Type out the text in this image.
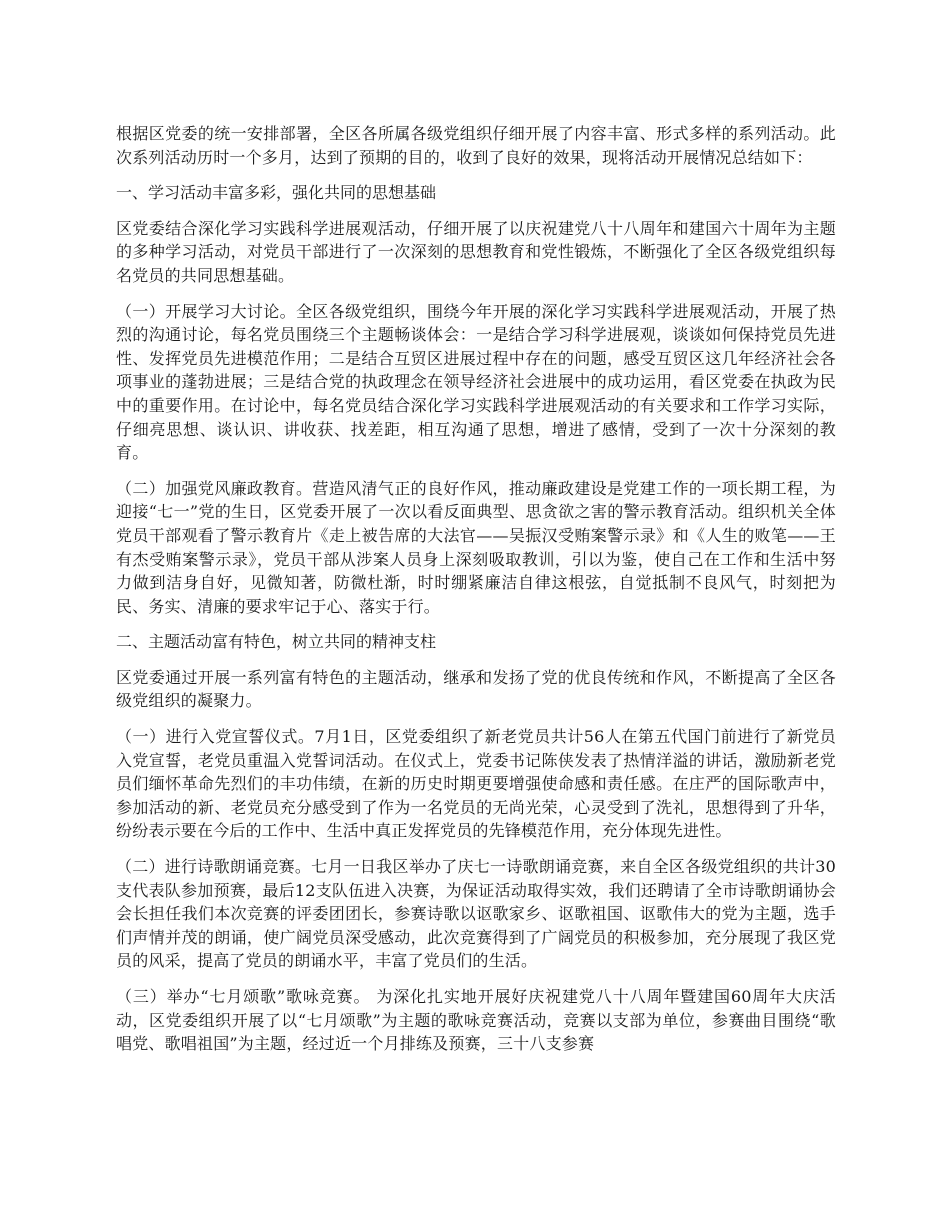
根据区党委的统一安排部署，全区各所属各级党组织仔细开展了内容丰富、形式多样的系列活动。此次系列活动历时一个多月，达到了预期的目的，收到了良好的效果，现将活动开展情况总结如下：

一、学习活动丰富多彩，强化共同的思想基础

区党委结合深化学习实践科学进展观活动，仔细开展了以庆祝建党八十八周年和建国六十周年为主题的多种学习活动，对党员干部进行了一次深刻的思想教育和党性锻炼，不断强化了全区各级党组织每名党员的共同思想基础。

（一）开展学习大讨论。全区各级党组织，围绕今年开展的深化学习实践科学进展观活动，开展了热烈的沟通讨论，每名党员围绕三个主题畅谈体会：一是结合学习科学进展观，谈谈如何保持党员先进性、发挥党员先进模范作用；二是结合互贸区进展过程中存在的问题，感受互贸区这几年经济社会各项事业的蓬勃进展；三是结合党的执政理念在领导经济社会进展中的成功运用，看区党委在执政为民中的重要作用。在讨论中，每名党员结合深化学习实践科学进展观活动的有关要求和工作学习实际，仔细亮思想、谈认识、讲收获、找差距，相互沟通了思想，增进了感情，受到了一次十分深刻的教育。

（二）加强党风廉政教育。营造风清气正的良好作风，推动廉政建设是党建工作的一项长期工程，为迎接“七一”党的生日，区党委开展了一次以看反面典型、思贪欲之害的警示教育活动。组织机关全体党员干部观看了警示教育片《走上被告席的大法官——吴振汉受贿案警示录》和《人生的败笔——王有杰受贿案警示录》，党员干部从涉案人员身上深刻吸取教训，引以为鉴，使自己在工作和生活中努力做到洁身自好，见微知著，防微杜渐，时时绷紧廉洁自律这根弦，自觉抵制不良风气，时刻把为民、务实、清廉的要求牢记于心、落实于行。

二、主题活动富有特色，树立共同的精神支柱

区党委通过开展一系列富有特色的主题活动，继承和发扬了党的优良传统和作风，不断提高了全区各级党组织的凝聚力。

（一）进行入党宣誓仪式。7月1日，区党委组织了新老党员共计56人在第五代国门前进行了新党员入党宣誓，老党员重温入党誓词活动。在仪式上，党委书记陈侠发表了热情洋溢的讲话，激励新老党员们缅怀革命先烈们的丰功伟绩，在新的历史时期更要增强使命感和责任感。在庄严的国际歌声中，参加活动的新、老党员充分感受到了作为一名党员的无尚光荣，心灵受到了洗礼，思想得到了升华，纷纷表示要在今后的工作中、生活中真正发挥党员的先锋模范作用，充分体现先进性。

（二）进行诗歌朗诵竞赛。七月一日我区举办了庆七一诗歌朗诵竞赛，来自全区各级党组织的共计30支代表队参加预赛，最后12支队伍进入决赛，为保证活动取得实效，我们还聘请了全市诗歌朗诵协会会长担任我们本次竞赛的评委团团长，参赛诗歌以讴歌家乡、讴歌祖国、讴歌伟大的党为主题，选手们声情并茂的朗诵，使广阔党员深受感动，此次竞赛得到了广阔党员的积极参加，充分展现了我区党员的风采，提高了党员的朗诵水平，丰富了党员们的生活。

（三）举办“七月颂歌”歌咏竞赛。 为深化扎实地开展好庆祝建党八十八周年暨建国60周年大庆活动，区党委组织开展了以“七月颂歌”为主题的歌咏竞赛活动，竞赛以支部为单位，参赛曲目围绕“歌唱党、歌唱祖国”为主题，经过近一个月排练及预赛，三十八支参赛
